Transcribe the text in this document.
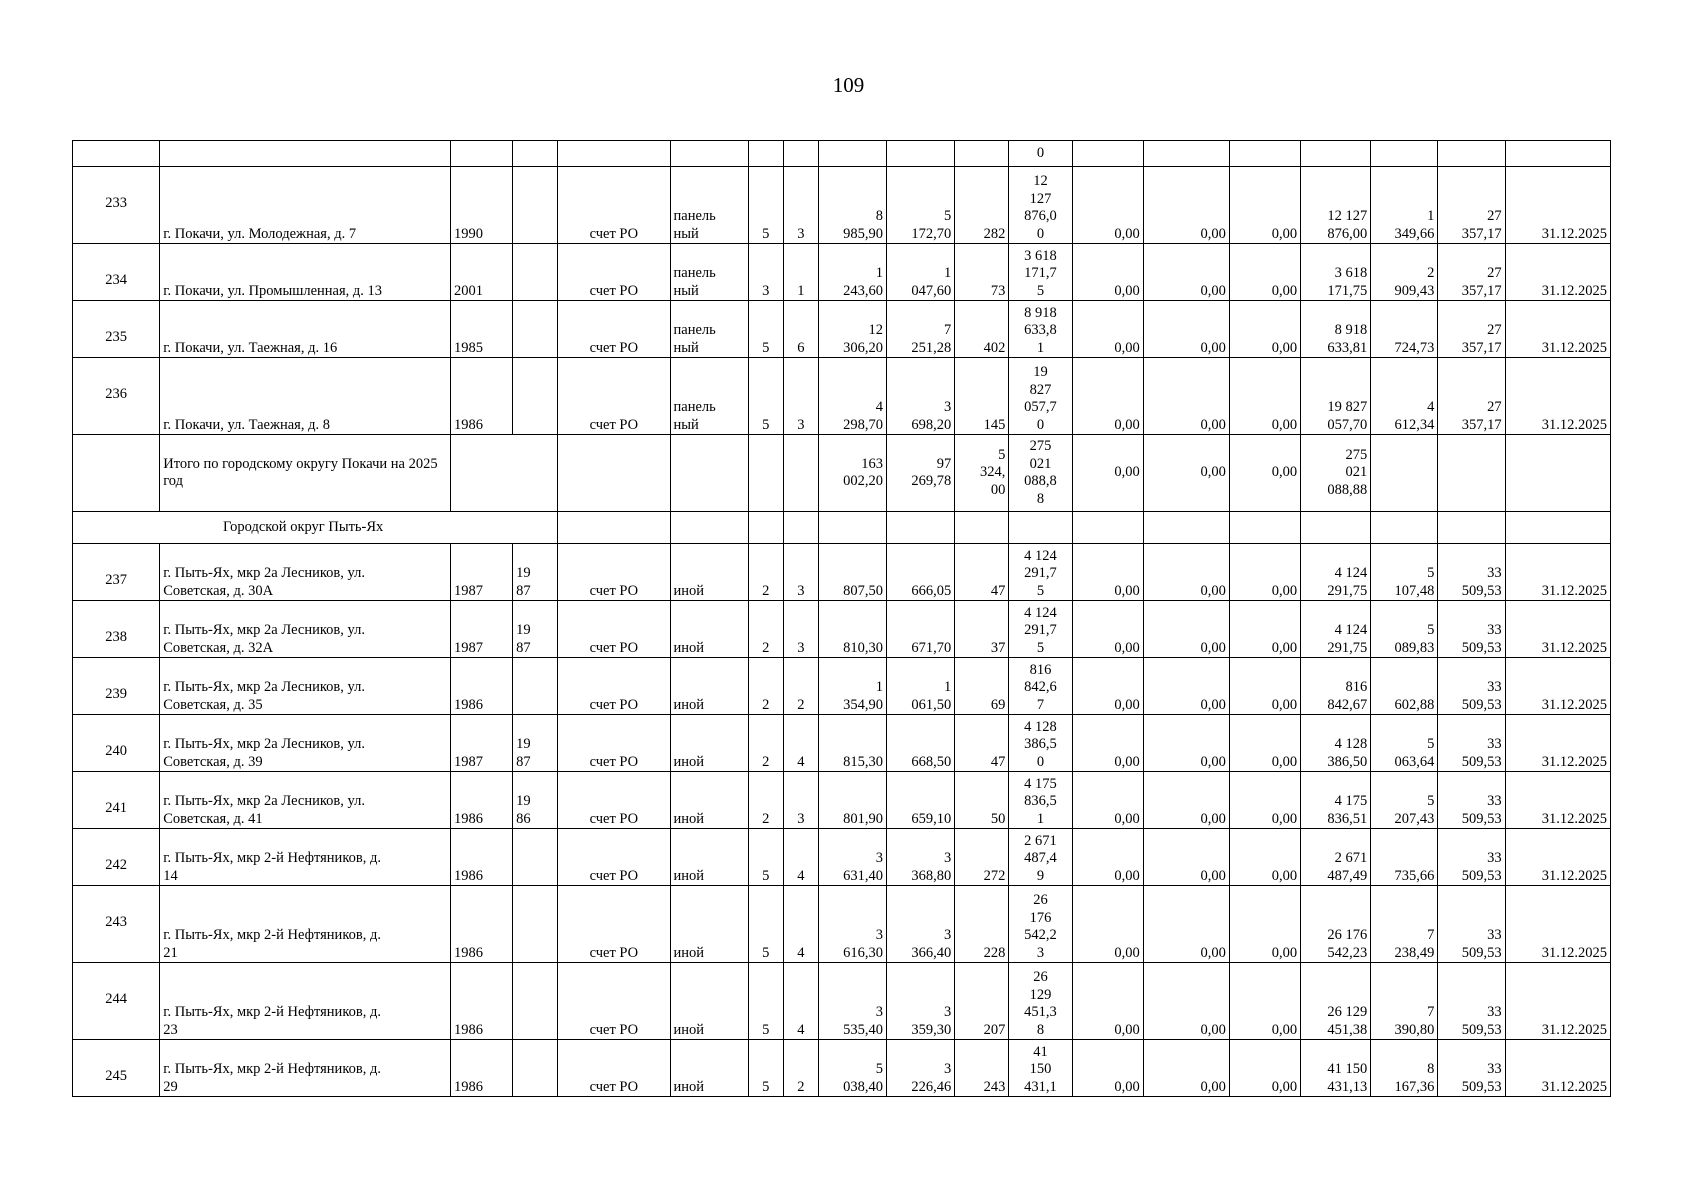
109

											0							

233	г. Покачи, ул. Молодежная, д. 7	1990		счет РО	панель
ный	5	3	8
985,90	5
172,70	282	12
127
876,0
0	0,00	0,00	0,00	12 127
876,00	1
349,66	27
357,17	31.12.2025

234	г. Покачи, ул. Промышленная, д. 13	2001		счет РО	панель
ный	3	1	1
243,60	1
047,60	73	3 618
171,7
5	0,00	0,00	0,00	3 618
171,75	2
909,43	27
357,17	31.12.2025

235	г. Покачи, ул. Таежная, д. 16	1985		счет РО	панель
ный	5	6	12
306,20	7
251,28	402	8 918
633,8
1	0,00	0,00	0,00	8 918
633,81	724,73	27
357,17	31.12.2025

236	г. Покачи, ул. Таежная, д. 8	1986		счет РО	панель
ный	5	3	4
298,70	3
698,20	145	19
827
057,7
0	0,00	0,00	0,00	19 827
057,70	4
612,34	27
357,17	31.12.2025

	Итого по городскому округу Покачи на 2025
год							163
002,20	97
269,78	5
324,
00	275
021
088,8
8	0,00	0,00	0,00	275
021
088,88			

Городской округ Пыть-Ях																		

237	г. Пыть-Ях, мкр 2а Лесников, ул.
Советская, д. 30А	1987	19
87	счет РО	иной	2	3	807,50	666,05	47	4 124
291,7
5	0,00	0,00	0,00	4 124
291,75	5
107,48	33
509,53	31.12.2025

238	г. Пыть-Ях, мкр 2а Лесников, ул.
Советская, д. 32А	1987	19
87	счет РО	иной	2	3	810,30	671,70	37	4 124
291,7
5	0,00	0,00	0,00	4 124
291,75	5
089,83	33
509,53	31.12.2025

239	г. Пыть-Ях, мкр 2а Лесников, ул.
Советская, д. 35	1986		счет РО	иной	2	2	1
354,90	1
061,50	69	816
842,6
7	0,00	0,00	0,00	816
842,67	602,88	33
509,53	31.12.2025

240	г. Пыть-Ях, мкр 2а Лесников, ул.
Советская, д. 39	1987	19
87	счет РО	иной	2	4	815,30	668,50	47	4 128
386,5
0	0,00	0,00	0,00	4 128
386,50	5
063,64	33
509,53	31.12.2025

241	г. Пыть-Ях, мкр 2а Лесников, ул.
Советская, д. 41	1986	19
86	счет РО	иной	2	3	801,90	659,10	50	4 175
836,5
1	0,00	0,00	0,00	4 175
836,51	5
207,43	33
509,53	31.12.2025

242	г. Пыть-Ях, мкр 2-й Нефтяников, д.
14	1986		счет РО	иной	5	4	3
631,40	3
368,80	272	2 671
487,4
9	0,00	0,00	0,00	2 671
487,49	735,66	33
509,53	31.12.2025

243	г. Пыть-Ях, мкр 2-й Нефтяников, д.
21	1986		счет РО	иной	5	4	3
616,30	3
366,40	228	26
176
542,2
3	0,00	0,00	0,00	26 176
542,23	7
238,49	33
509,53	31.12.2025

244	г. Пыть-Ях, мкр 2-й Нефтяников, д.
23	1986		счет РО	иной	5	4	3
535,40	3
359,30	207	26
129
451,3
8	0,00	0,00	0,00	26 129
451,38	7
390,80	33
509,53	31.12.2025

245	г. Пыть-Ях, мкр 2-й Нефтяников, д.
29	1986		счет РО	иной	5	2	5
038,40	3
226,46	243	41
150
431,1	0,00	0,00	0,00	41 150
431,13	8
167,36	33
509,53	31.12.2025
